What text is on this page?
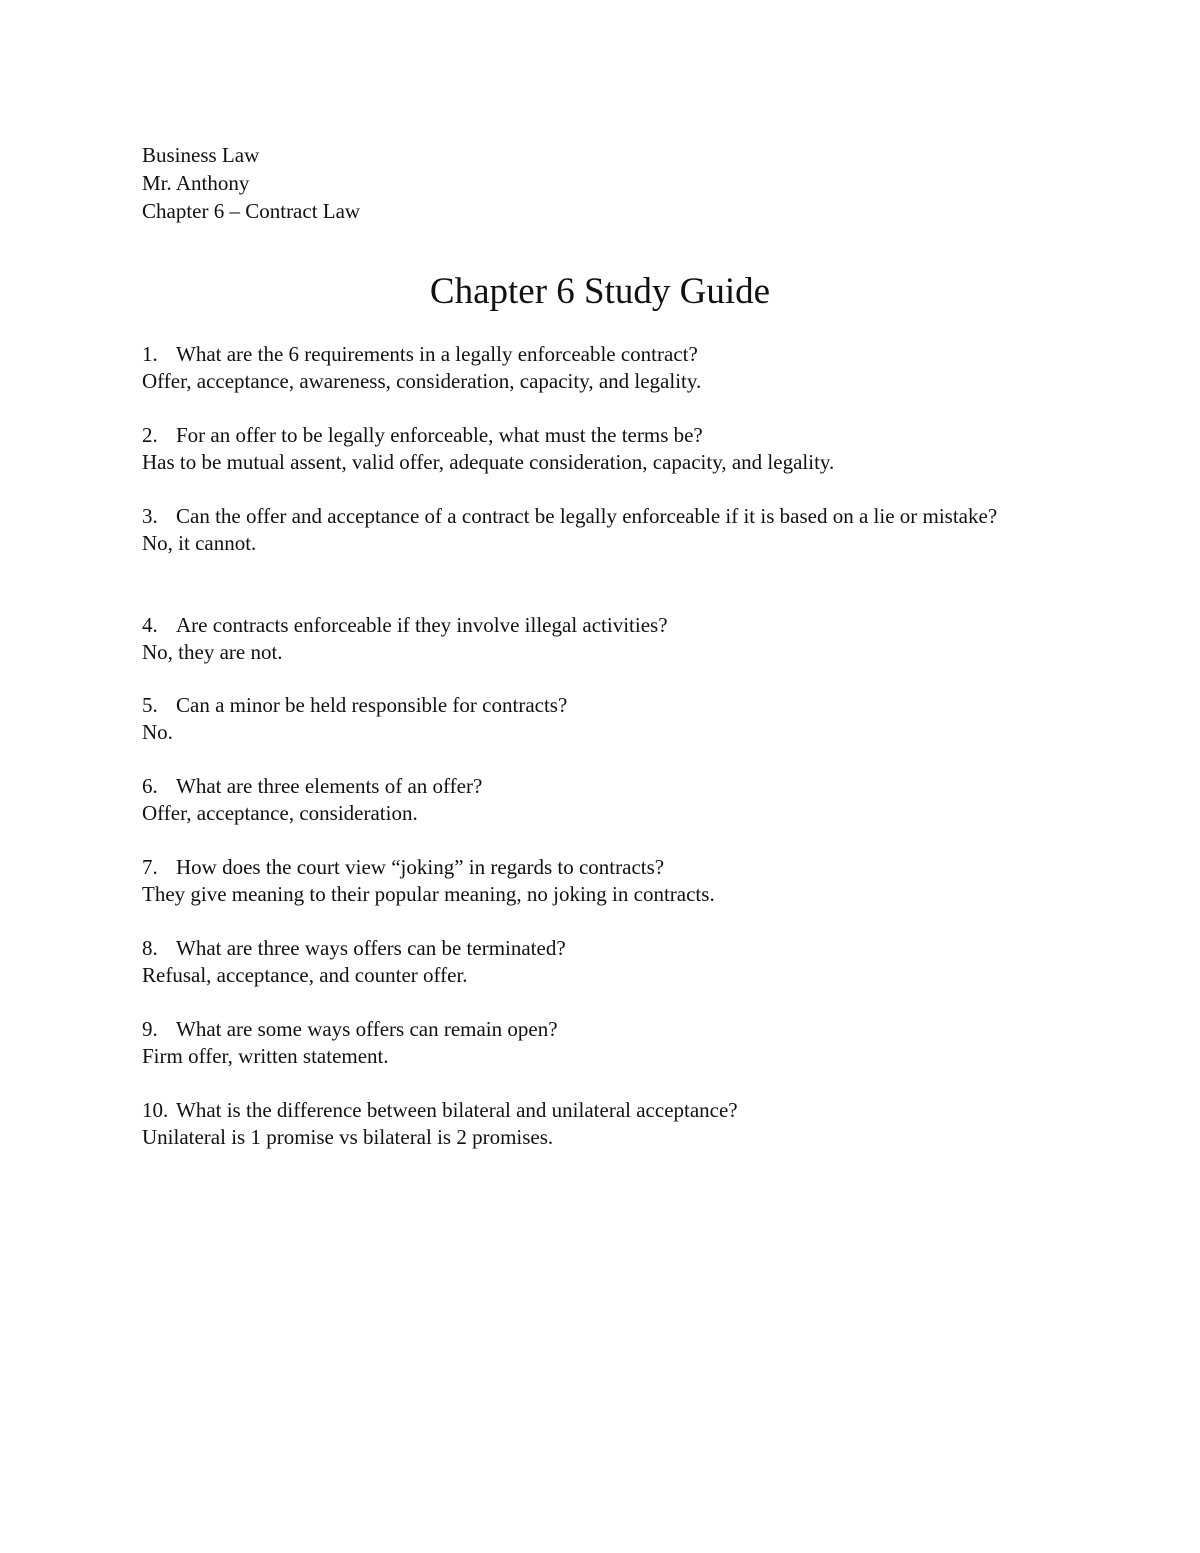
Business Law
Mr. Anthony
Chapter 6 – Contract Law
Chapter 6 Study Guide
1. What are the 6 requirements in a legally enforceable contract?
Offer, acceptance, awareness, consideration, capacity, and legality.
2. For an offer to be legally enforceable, what must the terms be?
Has to be mutual assent, valid offer, adequate consideration, capacity, and legality.
3. Can the offer and acceptance of a contract be legally enforceable if it is based on a lie or mistake?
No, it cannot.
4. Are contracts enforceable if they involve illegal activities?
No, they are not.
5. Can a minor be held responsible for contracts?
No.
6. What are three elements of an offer?
Offer, acceptance, consideration.
7. How does the court view “joking” in regards to contracts?
They give meaning to their popular meaning, no joking in contracts.
8. What are three ways offers can be terminated?
Refusal, acceptance, and counter offer.
9. What are some ways offers can remain open?
Firm offer, written statement.
10. What is the difference between bilateral and unilateral acceptance?
Unilateral is 1 promise vs bilateral is 2 promises.
